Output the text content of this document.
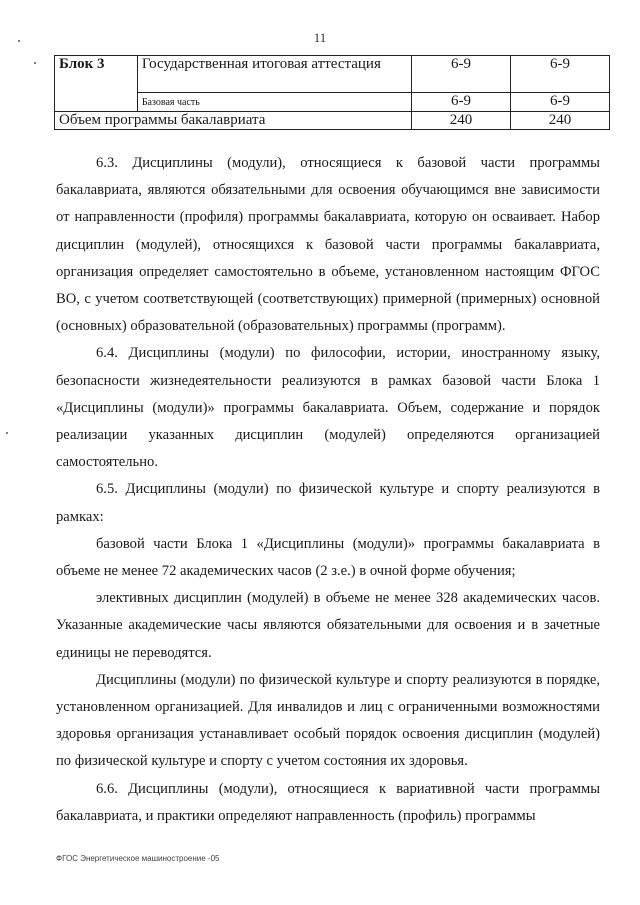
11
Блок 3	Государственная итоговая аттестация	6-9	6-9
	Базовая часть	6-9	6-9
Объем программы бакалавриата		240	240

6.3. Дисциплины (модули), относящиеся к базовой части программы бакалавриата, являются обязательными для освоения обучающимся вне зависимости от направленности (профиля) программы бакалавриата, которую он осваивает. Набор дисциплин (модулей), относящихся к базовой части программы бакалавриата, организация определяет самостоятельно в объеме, установленном настоящим ФГОС ВО, с учетом соответствующей (соответствующих) примерной (примерных) основной (основных) образовательной (образовательных) программы (программ).

6.4. Дисциплины (модули) по философии, истории, иностранному языку, безопасности жизнедеятельности реализуются в рамках базовой части Блока 1 «Дисциплины (модули)» программы бакалавриата. Объем, содержание и порядок реализации указанных дисциплин (модулей) определяются организацией самостоятельно.

6.5. Дисциплины (модули) по физической культуре и спорту реализуются в рамках:

базовой части Блока 1 «Дисциплины (модули)» программы бакалавриата в объеме не менее 72 академических часов (2 з.е.) в очной форме обучения;

элективных дисциплин (модулей) в объеме не менее 328 академических часов. Указанные академические часы являются обязательными для освоения и в зачетные единицы не переводятся.

Дисциплины (модули) по физической культуре и спорту реализуются в порядке, установленном организацией. Для инвалидов и лиц с ограниченными возможностями здоровья организация устанавливает особый порядок освоения дисциплин (модулей) по физической культуре и спорту с учетом состояния их здоровья.

6.6. Дисциплины (модули), относящиеся к вариативной части программы бакалавриата, и практики определяют направленность (профиль) программы

ФГОС Энергетическое машиностроение -05
